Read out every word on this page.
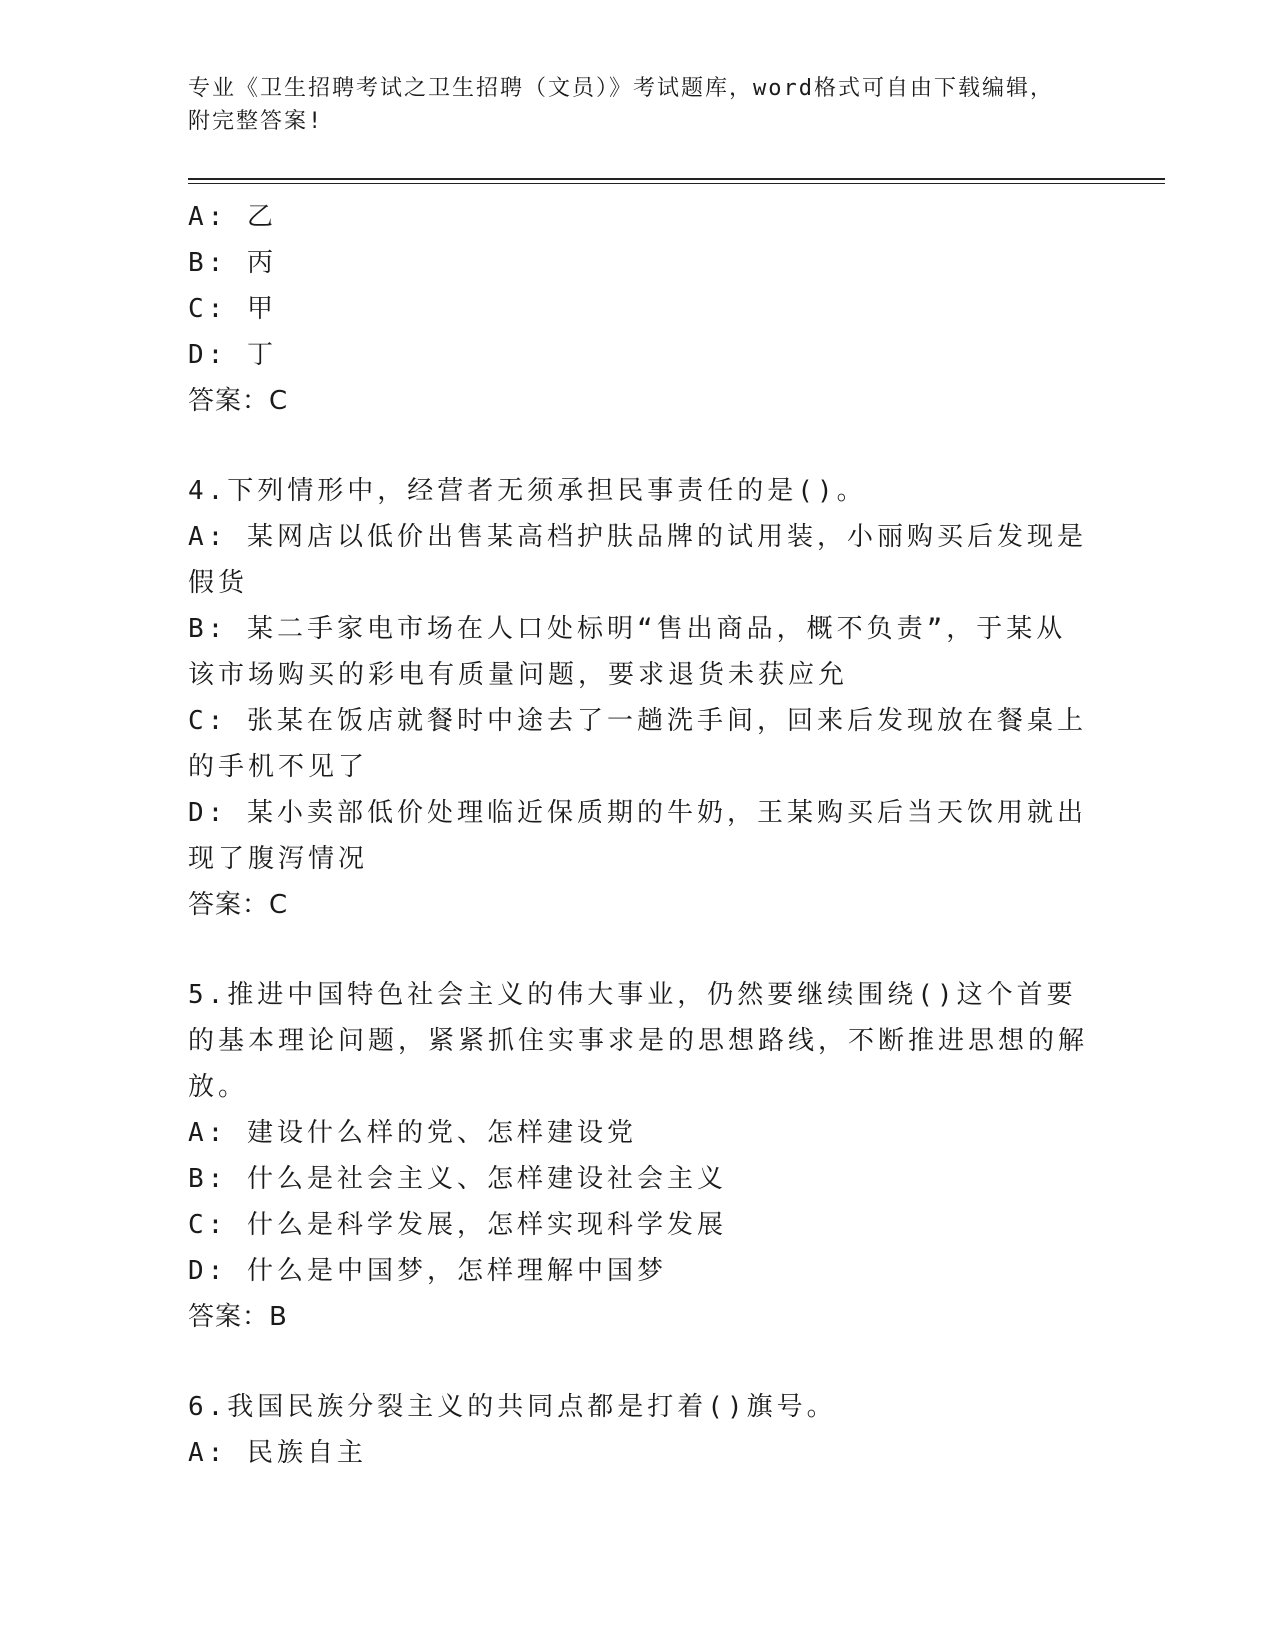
专业《卫生招聘考试之卫生招聘（文员）》考试题库，word格式可自由下载编辑，附完整答案!
A: 乙
B: 丙
C: 甲
D: 丁
答案：C
4.下列情形中，经营者无须承担民事责任的是()。
A: 某网店以低价出售某高档护肤品牌的试用装，小丽购买后发现是假货
B: 某二手家电市场在人口处标明“售出商品，概不负责”，于某从该市场购买的彩电有质量问题，要求退货未获应允
C: 张某在饭店就餐时中途去了一趟洗手间，回来后发现放在餐桌上的手机不见了
D: 某小卖部低价处理临近保质期的牛奶，王某购买后当天饮用就出现了腹泻情况
答案：C
5.推进中国特色社会主义的伟大事业，仍然要继续围绕()这个首要的基本理论问题，紧紧抓住实事求是的思想路线，不断推进思想的解放。
A: 建设什么样的党、怎样建设党
B: 什么是社会主义、怎样建设社会主义
C: 什么是科学发展，怎样实现科学发展
D: 什么是中国梦，怎样理解中国梦
答案：B
6.我国民族分裂主义的共同点都是打着()旗号。
A: 民族自主
